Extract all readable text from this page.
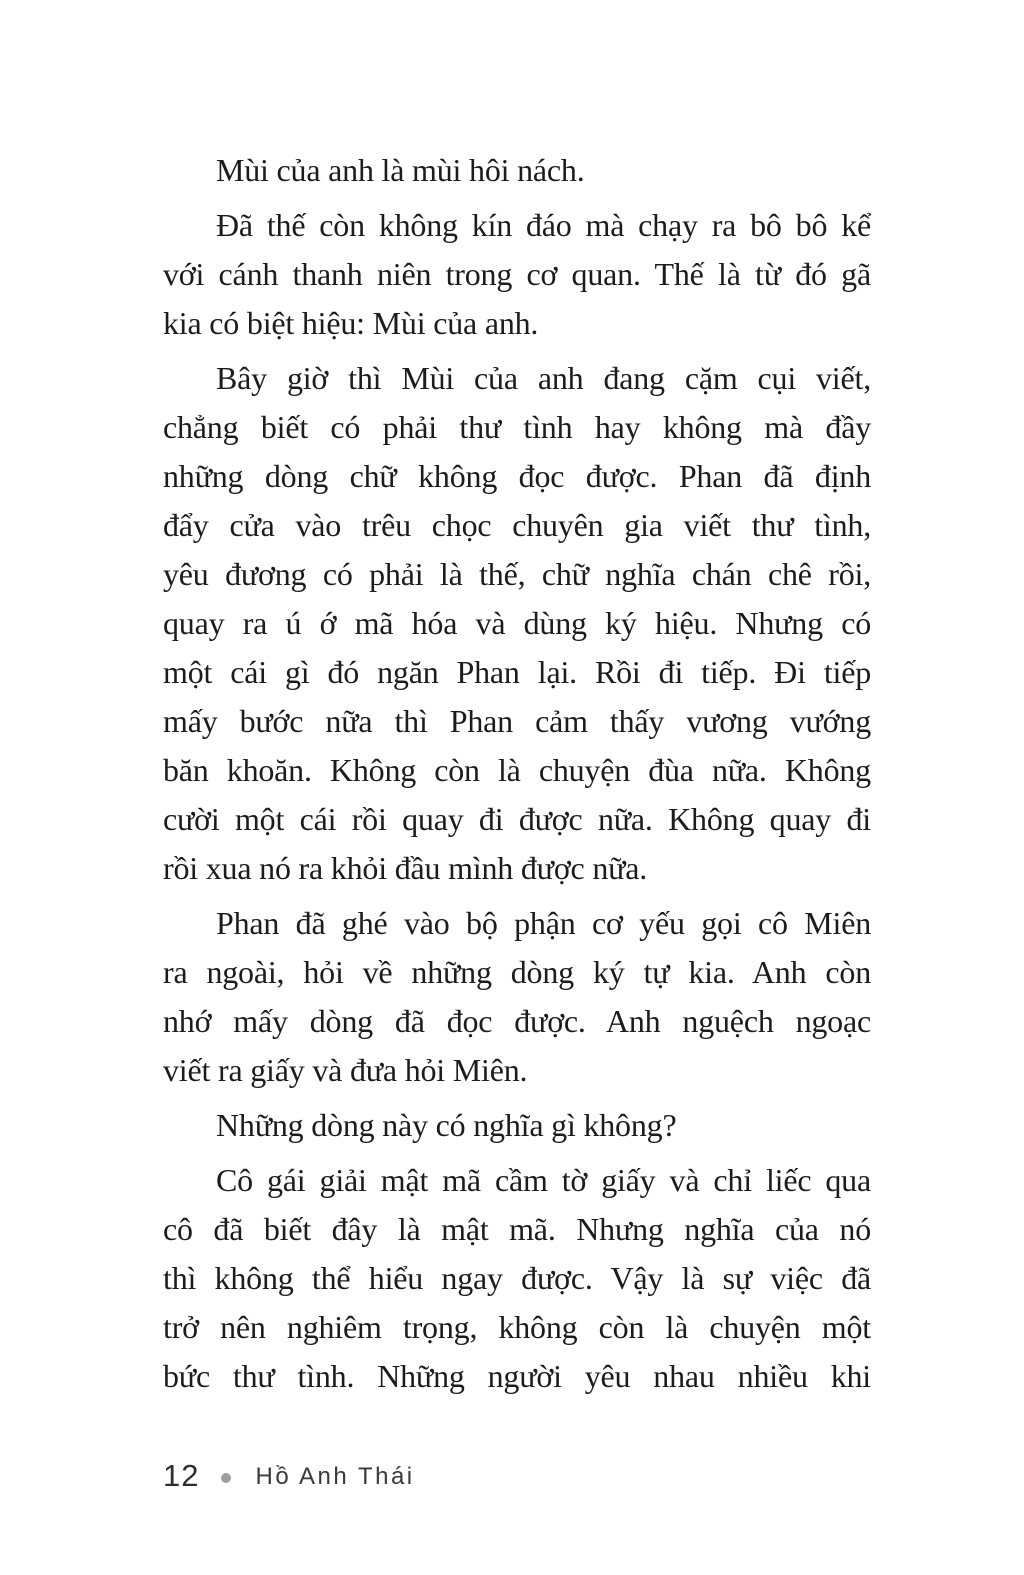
Mùi của anh là mùi hôi nách.

Đã thế còn không kín đáo mà chạy ra bô bô kể
với cánh thanh niên trong cơ quan. Thế là từ đó gã
kia có biệt hiệu: Mùi của anh.

Bây giờ thì Mùi của anh đang cặm cụi viết,
chẳng biết có phải thư tình hay không mà đầy
những dòng chữ không đọc được. Phan đã định
đẩy cửa vào trêu chọc chuyên gia viết thư tình,
yêu đương có phải là thế, chữ nghĩa chán chê rồi,
quay ra ú ớ mã hóa và dùng ký hiệu. Nhưng có
một cái gì đó ngăn Phan lại. Rồi đi tiếp. Đi tiếp
mấy bước nữa thì Phan cảm thấy vương vướng
băn khoăn. Không còn là chuyện đùa nữa. Không
cười một cái rồi quay đi được nữa. Không quay đi
rồi xua nó ra khỏi đầu mình được nữa.

Phan đã ghé vào bộ phận cơ yếu gọi cô Miên
ra ngoài, hỏi về những dòng ký tự kia. Anh còn
nhớ mấy dòng đã đọc được. Anh nguệch ngoạc
viết ra giấy và đưa hỏi Miên.

Những dòng này có nghĩa gì không?

Cô gái giải mật mã cầm tờ giấy và chỉ liếc qua
cô đã biết đây là mật mã. Nhưng nghĩa của nó
thì không thể hiểu ngay được. Vậy là sự việc đã
trở nên nghiêm trọng, không còn là chuyện một
bức thư tình. Những người yêu nhau nhiều khi

12 Hồ Anh Thái
